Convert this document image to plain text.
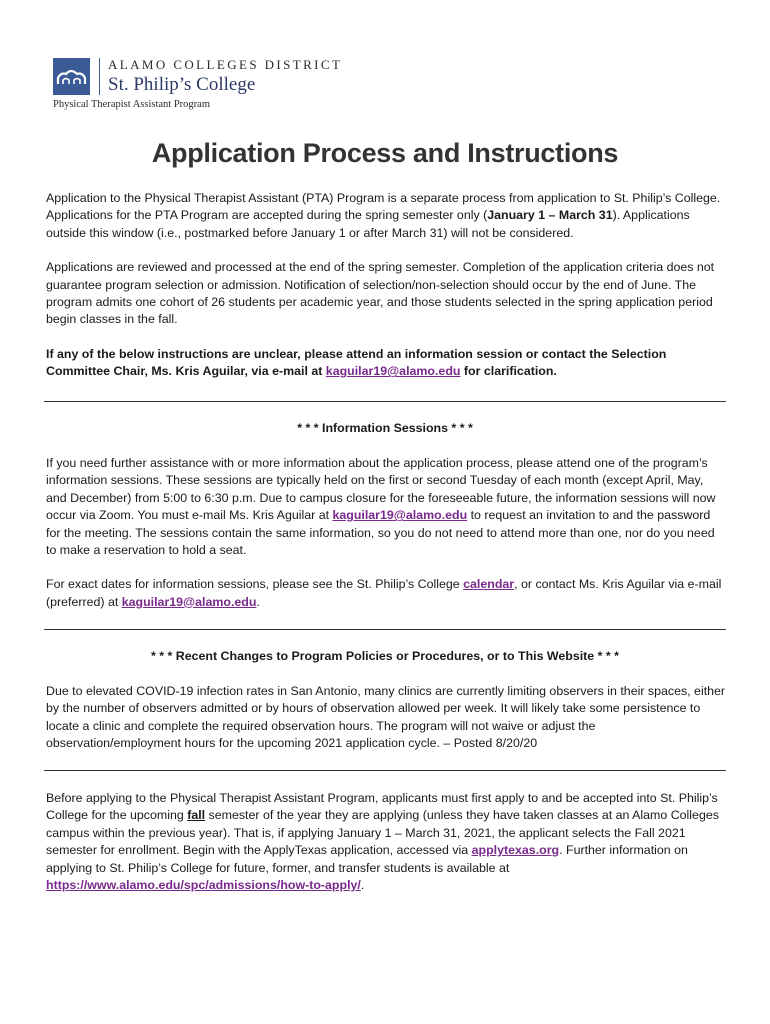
ALAMO COLLEGES DISTRICT
St. Philip’s College
Physical Therapist Assistant Program
Application Process and Instructions

Application to the Physical Therapist Assistant (PTA) Program is a separate process from application to St. Philip’s College. Applications for the PTA Program are accepted during the spring semester only (January 1 – March 31). Applications outside this window (i.e., postmarked before January 1 or after March 31) will not be considered.

Applications are reviewed and processed at the end of the spring semester. Completion of the application criteria does not guarantee program selection or admission. Notification of selection/non-selection should occur by the end of June. The program admits one cohort of 26 students per academic year, and those students selected in the spring application period begin classes in the fall.

If any of the below instructions are unclear, please attend an information session or contact the Selection Committee Chair, Ms. Kris Aguilar, via e-mail at kaguilar19@alamo.edu for clarification.

* * * Information Sessions * * *

If you need further assistance with or more information about the application process, please attend one of the program’s information sessions. These sessions are typically held on the first or second Tuesday of each month (except April, May, and December) from 5:00 to 6:30 p.m. Due to campus closure for the foreseeable future, the information sessions will now occur via Zoom. You must e-mail Ms. Kris Aguilar at kaguilar19@alamo.edu to request an invitation to and the password for the meeting. The sessions contain the same information, so you do not need to attend more than one, nor do you need to make a reservation to hold a seat.

For exact dates for information sessions, please see the St. Philip’s College calendar, or contact Ms. Kris Aguilar via e-mail (preferred) at kaguilar19@alamo.edu.

* * * Recent Changes to Program Policies or Procedures, or to This Website * * *

Due to elevated COVID-19 infection rates in San Antonio, many clinics are currently limiting observers in their spaces, either by the number of observers admitted or by hours of observation allowed per week. It will likely take some persistence to locate a clinic and complete the required observation hours. The program will not waive or adjust the observation/employment hours for the upcoming 2021 application cycle. – Posted 8/20/20

Before applying to the Physical Therapist Assistant Program, applicants must first apply to and be accepted into St. Philip’s College for the upcoming fall semester of the year they are applying (unless they have taken classes at an Alamo Colleges campus within the previous year). That is, if applying January 1 – March 31, 2021, the applicant selects the Fall 2021 semester for enrollment. Begin with the ApplyTexas application, accessed via applytexas.org. Further information on applying to St. Philip’s College for future, former, and transfer students is available at https://www.alamo.edu/spc/admissions/how-to-apply/.
